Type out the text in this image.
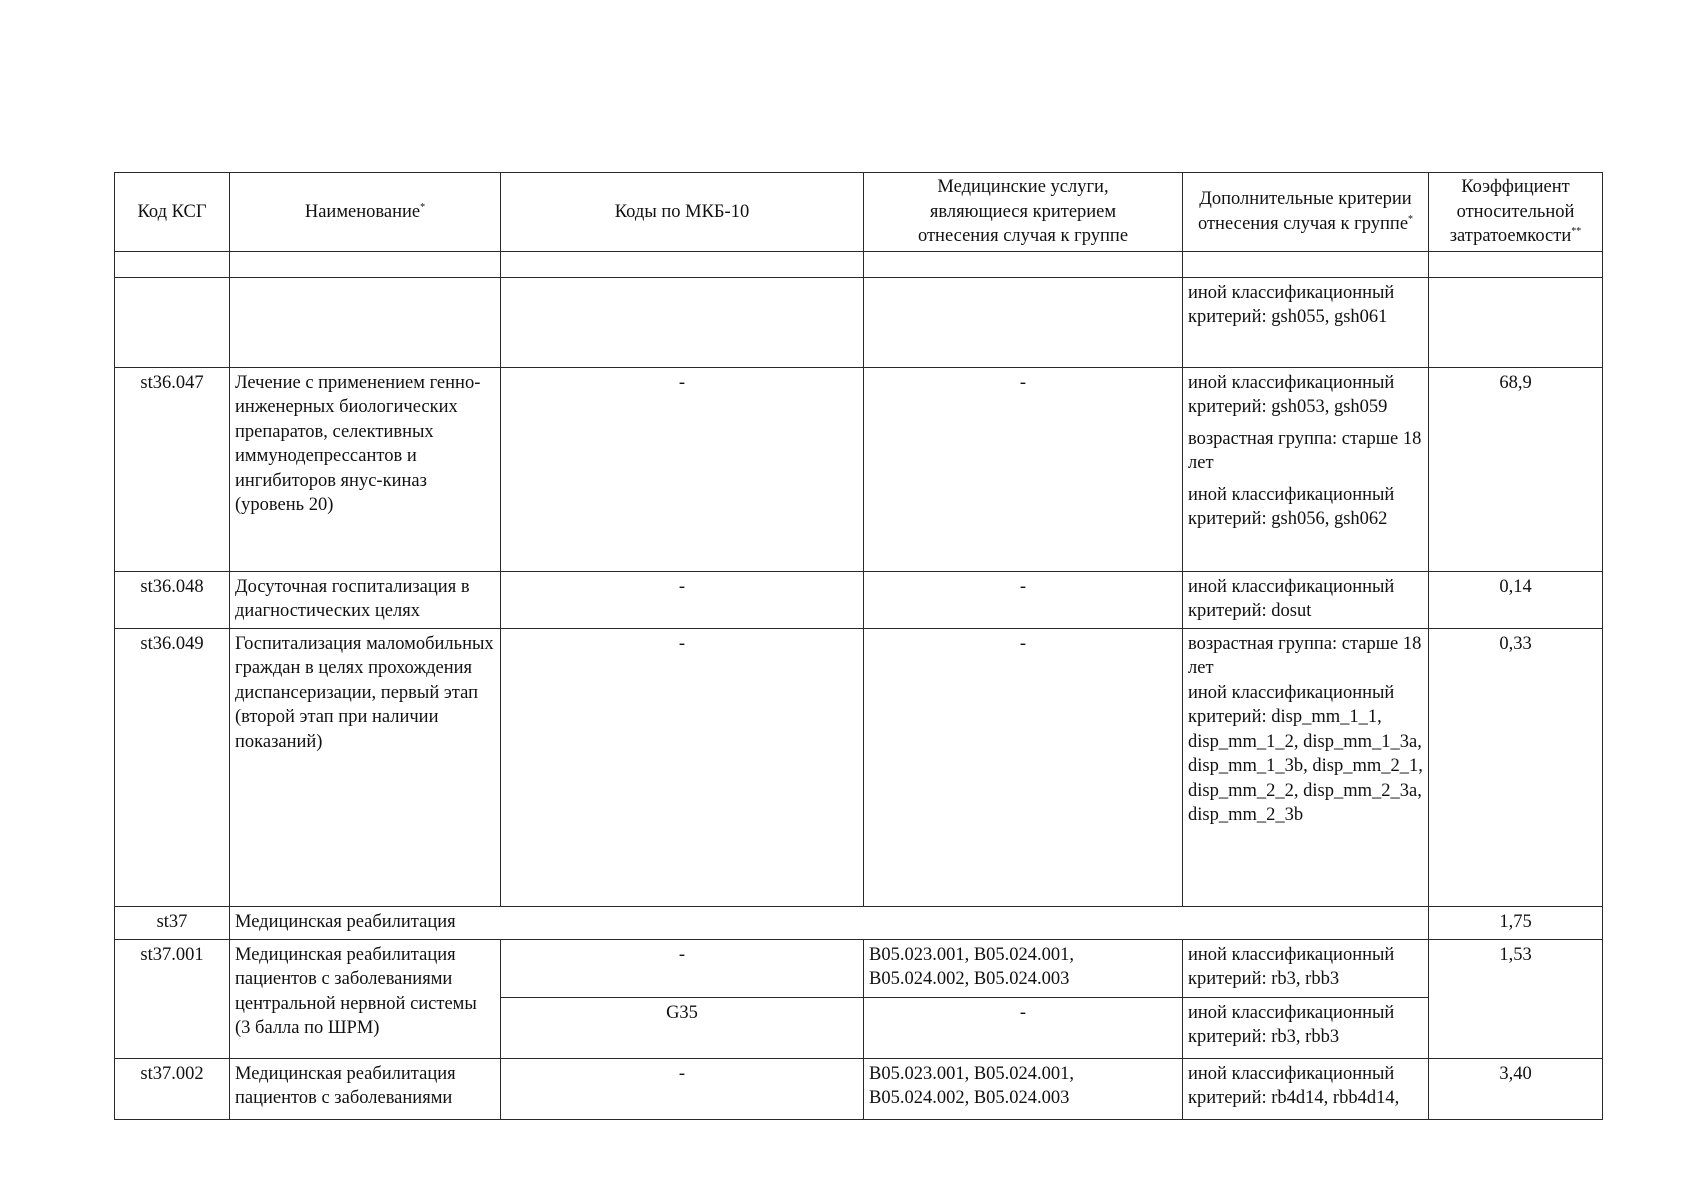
Код КСГ	Наименование*	Коды по МКБ-10	Медицинские услуги, являющиеся критерием отнесения случая к группе	Дополнительные критерии отнесения случая к группе*	Коэффициент относительной затратоемкости**

				иной классификационный критерий: gsh055, gsh061	
st36.047	Лечение с применением генно-инженерных биологических препаратов, селективных иммунодепрессантов и ингибиторов янус-киназ (уровень 20)	-	-	иной классификационный критерий: gsh053, gsh059
возрастная группа: старше 18 лет
иной классификационный критерий: gsh056, gsh062	68,9
st36.048	Досуточная госпитализация в диагностических целях	-	-	иной классификационный критерий: dosut	0,14
st36.049	Госпитализация маломобильных граждан в целях прохождения диспансеризации, первый этап (второй этап при наличии показаний)	-	-	возрастная группа: старше 18 лет
иной классификационный критерий: disp_mm_1_1, disp_mm_1_2, disp_mm_1_3a, disp_mm_1_3b, disp_mm_2_1, disp_mm_2_2, disp_mm_2_3a, disp_mm_2_3b	0,33
st37	Медицинская реабилитация				1,75
st37.001	Медицинская реабилитация пациентов с заболеваниями центральной нервной системы (3 балла по ШРМ)	-	B05.023.001, B05.024.001, B05.024.002, B05.024.003	иной классификационный критерий: rb3, rbb3	1,53
		G35	-	иной классификационный критерий: rb3, rbb3	
st37.002	Медицинская реабилитация пациентов с заболеваниями	-	B05.023.001, B05.024.001, B05.024.002, B05.024.003	иной классификационный критерий: rb4d14, rbb4d14,	3,40
